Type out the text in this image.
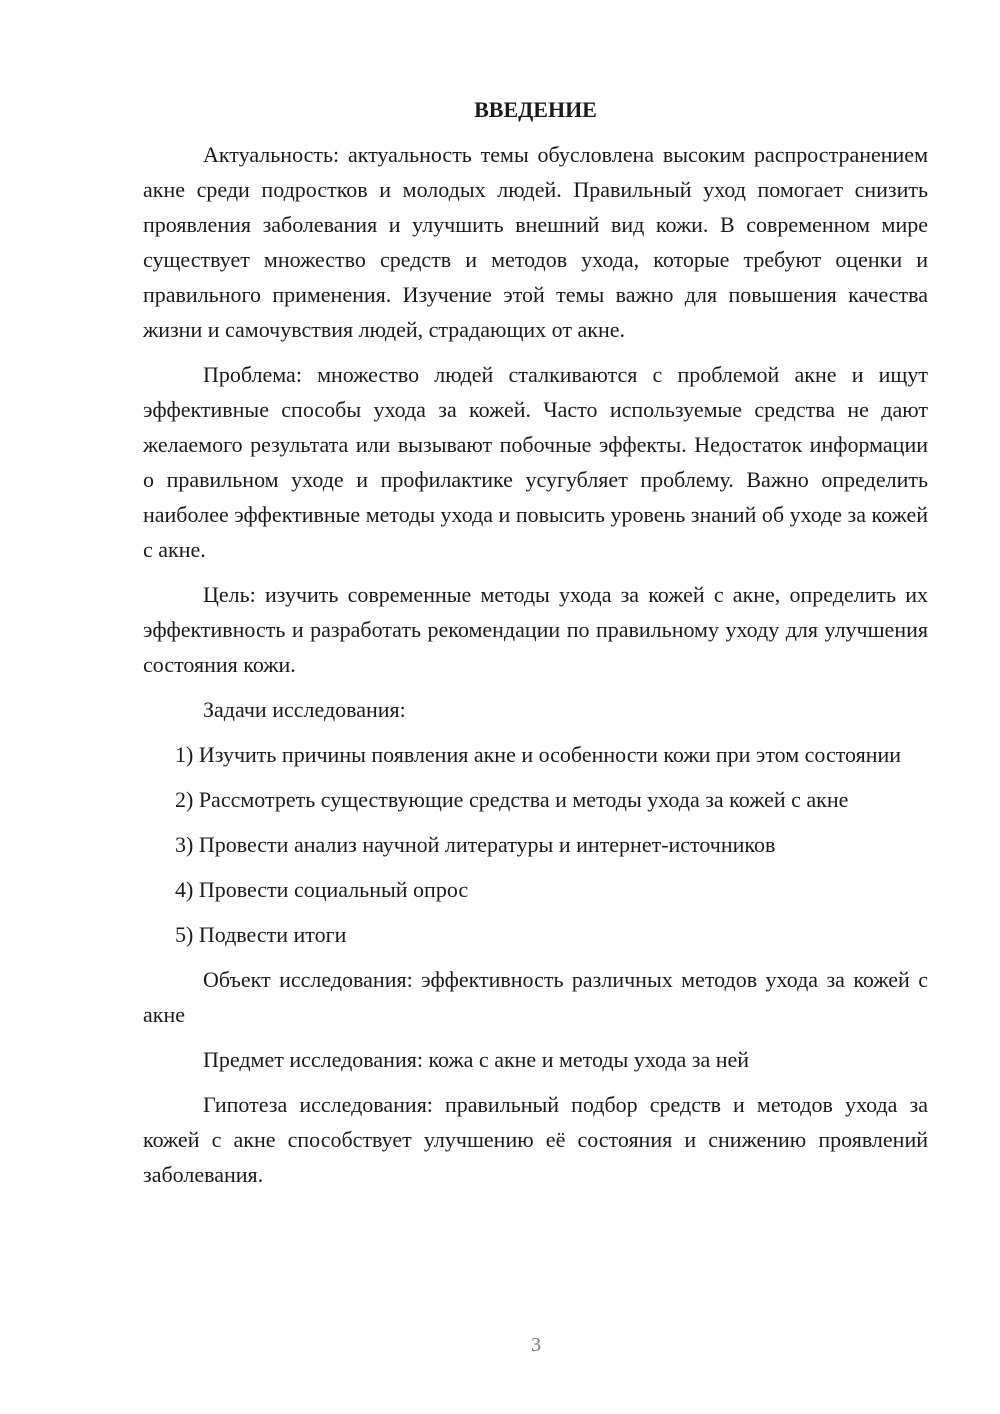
ВВЕДЕНИЕ

Актуальность: актуальность темы обусловлена высоким распространением акне среди подростков и молодых людей. Правильный уход помогает снизить проявления заболевания и улучшить внешний вид кожи. В современном мире существует множество средств и методов ухода, которые требуют оценки и правильного применения. Изучение этой темы важно для повышения качества жизни и самочувствия людей, страдающих от акне.

Проблема: множество людей сталкиваются с проблемой акне и ищут эффективные способы ухода за кожей. Часто используемые средства не дают желаемого результата или вызывают побочные эффекты. Недостаток информации о правильном уходе и профилактике усугубляет проблему. Важно определить наиболее эффективные методы ухода и повысить уровень знаний об уходе за кожей с акне.

Цель: изучить современные методы ухода за кожей с акне, определить их эффективность и разработать рекомендации по правильному уходу для улучшения состояния кожи.

Задачи исследования:

1) Изучить причины появления акне и особенности кожи при этом состоянии

2) Рассмотреть существующие средства и методы ухода за кожей с акне

3) Провести анализ научной литературы и интернет-источников

4) Провести социальный опрос

5) Подвести итоги

Объект исследования: эффективность различных методов ухода за кожей с акне

Предмет исследования: кожа с акне и методы ухода за ней

Гипотеза исследования: правильный подбор средств и методов ухода за кожей с акне способствует улучшению её состояния и снижению проявлений заболевания.

3
